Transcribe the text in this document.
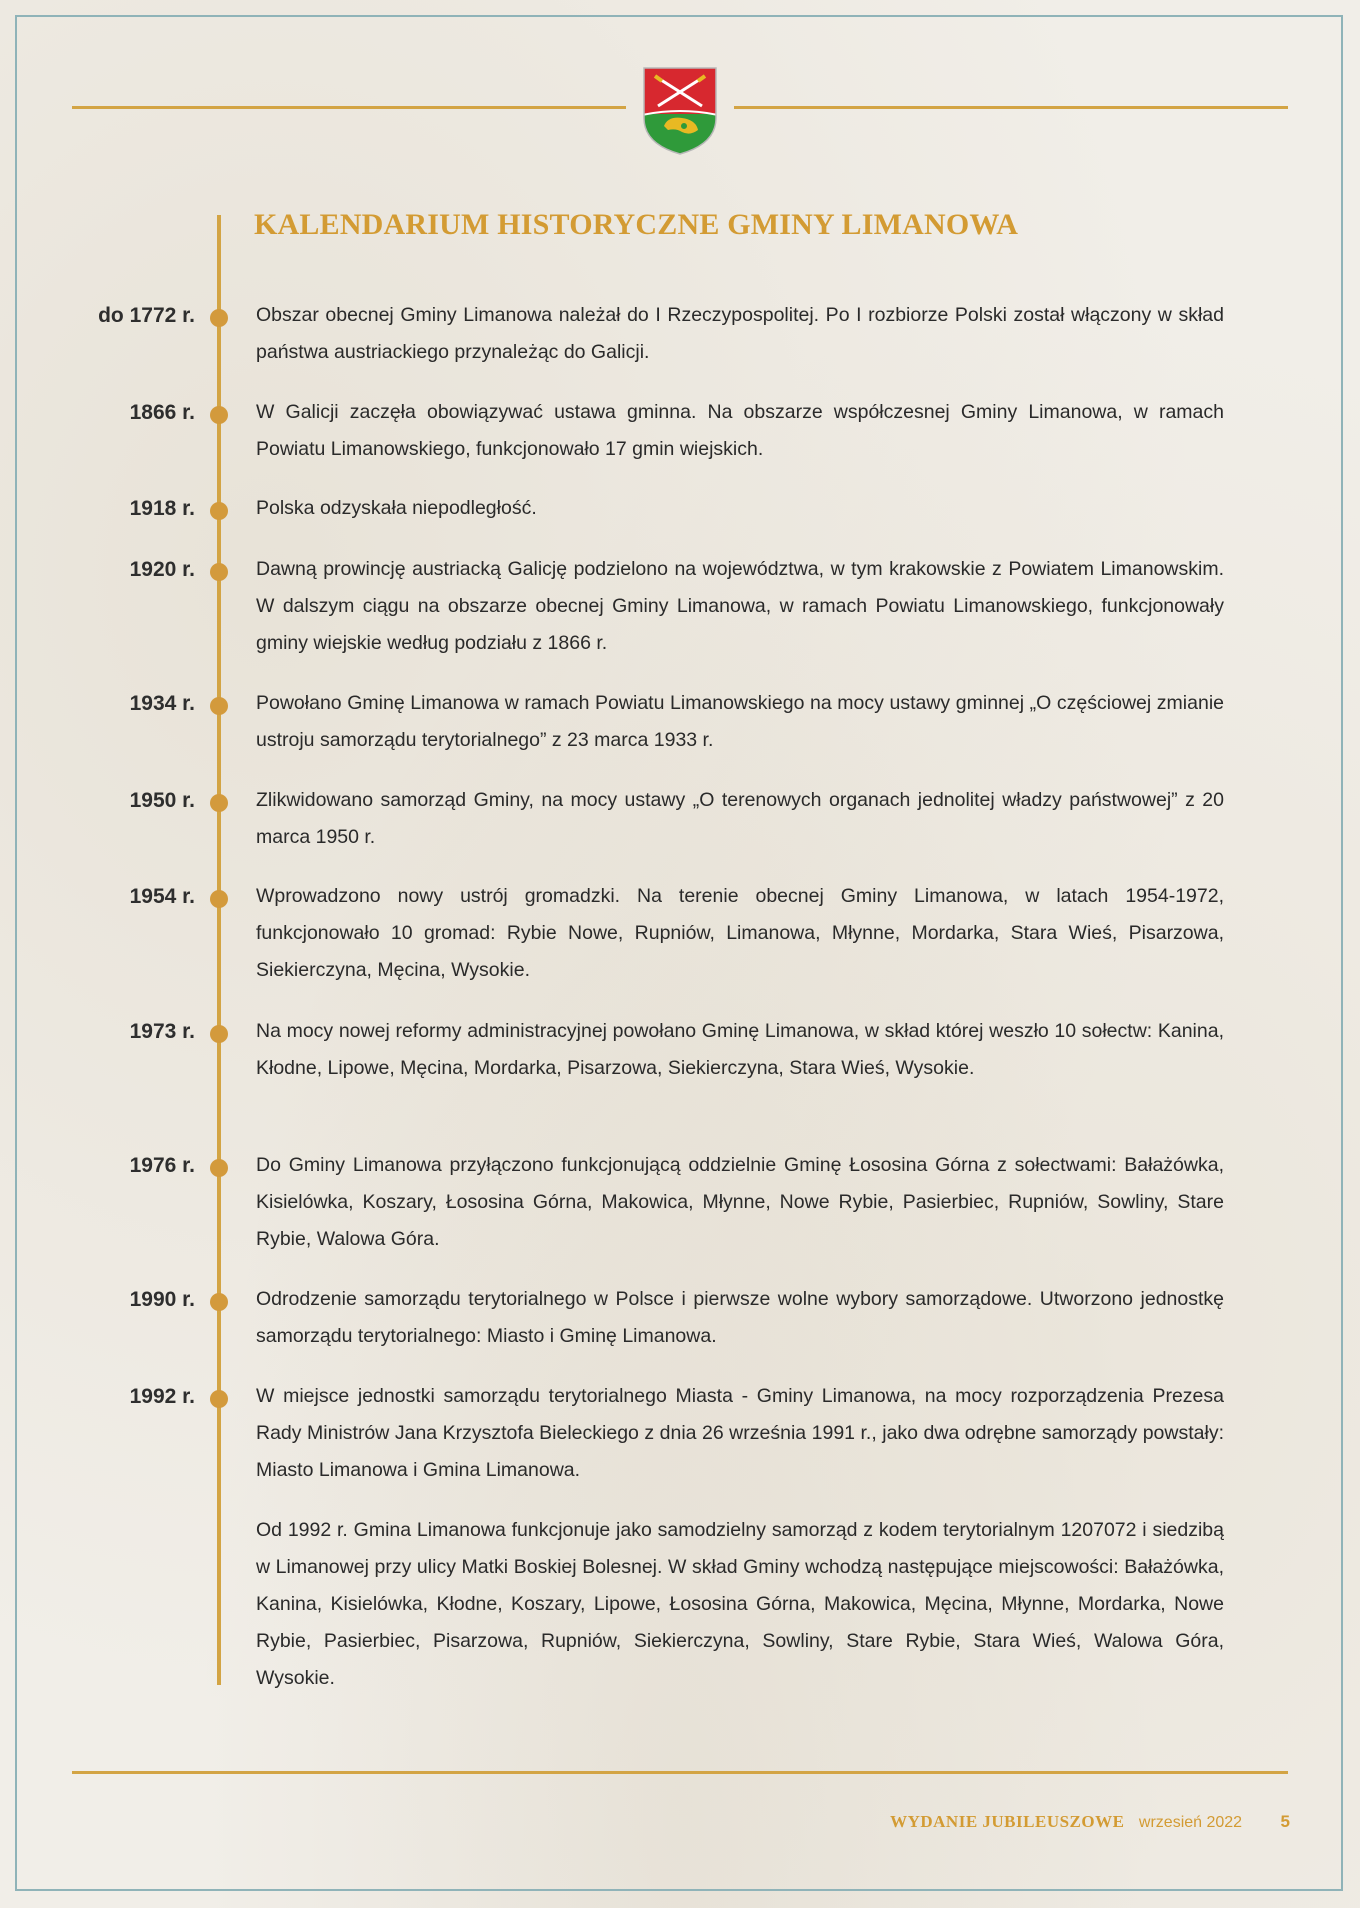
KALENDARIUM HISTORYCZNE GMINY LIMANOWA
do 1772 r.	Obszar obecnej Gminy Limanowa należał do I Rzeczypospolitej. Po I rozbiorze Polski został włączony w skład państwa austriackiego przynależąc do Galicji.
1866 r.	W Galicji zaczęła obowiązywać ustawa gminna. Na obszarze współczesnej Gminy Limanowa, w ramach Powiatu Limanowskiego, funkcjonowało 17 gmin wiejskich.
1918 r.	Polska odzyskała niepodległość.
1920 r.	Dawną prowincję austriacką Galicję podzielono na województwa, w tym krakowskie z Powiatem Limanowskim. W dalszym ciągu na obszarze obecnej Gminy Limanowa, w ramach Powiatu Limanowskiego, funkcjonowały gminy wiejskie według podziału z 1866 r.
1934 r.	Powołano Gminę Limanowa w ramach Powiatu Limanowskiego na mocy ustawy gminnej „O częściowej zmianie ustroju samorządu terytorialnego” z 23 marca 1933 r.
1950 r.	Zlikwidowano samorząd Gminy, na mocy ustawy „O terenowych organach jednolitej władzy państwowej” z 20 marca 1950 r.
1954 r.	Wprowadzono nowy ustrój gromadzki. Na terenie obecnej Gminy Limanowa, w latach 1954-1972, funkcjonowało 10 gromad: Rybie Nowe, Rupniów, Limanowa, Młynne, Mordarka, Stara Wieś, Pisarzowa, Siekierczyna, Męcina, Wysokie.
1973 r.	Na mocy nowej reformy administracyjnej powołano Gminę Limanowa, w skład której weszło 10 sołectw: Kanina, Kłodne, Lipowe, Męcina, Mordarka, Pisarzowa, Siekierczyna, Stara Wieś, Wysokie.
1976 r.	Do Gminy Limanowa przyłączono funkcjonującą oddzielnie Gminę Łososina Górna z sołectwami: Bałażówka, Kisielówka, Koszary, Łososina Górna, Makowica, Młynne, Nowe Rybie, Pasierbiec, Rupniów, Sowliny, Stare Rybie, Walowa Góra.
1990 r.	Odrodzenie samorządu terytorialnego w Polsce i pierwsze wolne wybory samorządowe. Utworzono jednostkę samorządu terytorialnego: Miasto i Gminę Limanowa.
1992 r.	W miejsce jednostki samorządu terytorialnego Miasta - Gminy Limanowa, na mocy rozporządzenia Prezesa Rady Ministrów Jana Krzysztofa Bieleckiego z dnia 26 września 1991 r., jako dwa odrębne samorządy powstały: Miasto Limanowa i Gmina Limanowa.
Od 1992 r. Gmina Limanowa funkcjonuje jako samodzielny samorząd z kodem terytorialnym 1207072 i siedzibą w Limanowej przy ulicy Matki Boskiej Bolesnej. W skład Gminy wchodzą następujące miejscowości: Bałażówka, Kanina, Kisielówka, Kłodne, Koszary, Lipowe, Łososina Górna, Makowica, Męcina, Młynne, Mordarka, Nowe Rybie, Pasierbiec, Pisarzowa, Rupniów, Siekierczyna, Sowliny, Stare Rybie, Stara Wieś, Walowa Góra, Wysokie.
WYDANIE JUBILEUSZOWE wrzesień 2022 5
